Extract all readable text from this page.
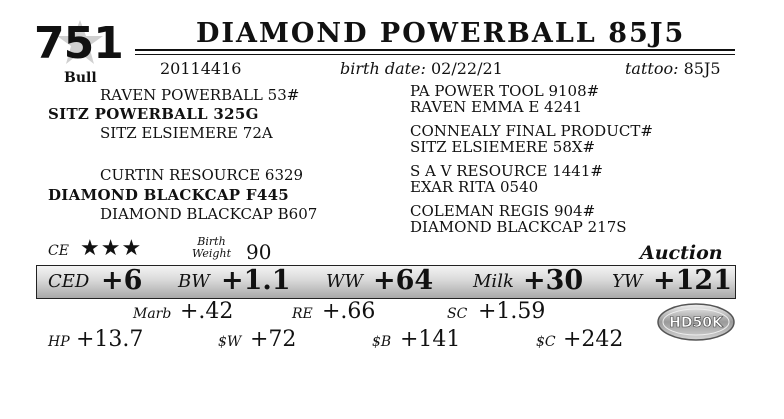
751
Bull
DIAMOND POWERBALL 85J5
20114416	birth date: 02/22/21	tattoo: 85J5
RAVEN POWERBALL 53#
SITZ POWERBALL 325G
SITZ ELSIEMERE 72A
CURTIN RESOURCE 6329
DIAMOND BLACKCAP F445
DIAMOND BLACKCAP B607
PA POWER TOOL 9108#
RAVEN EMMA E 4241
CONNEALY FINAL PRODUCT#
SITZ ELSIEMERE 58X#
S A V RESOURCE 1441#
EXAR RITA 0540
COLEMAN REGIS 904#
DIAMOND BLACKCAP 217S
CE ★★★	Birth
Weight 90	Auction
CED +6 BW +1.1 WW +64 Milk +30 YW +121
Marb +.42	RE +.66	SC +1.59
HP +13.7	$W +72	$B +141	$C +242
HD50K
